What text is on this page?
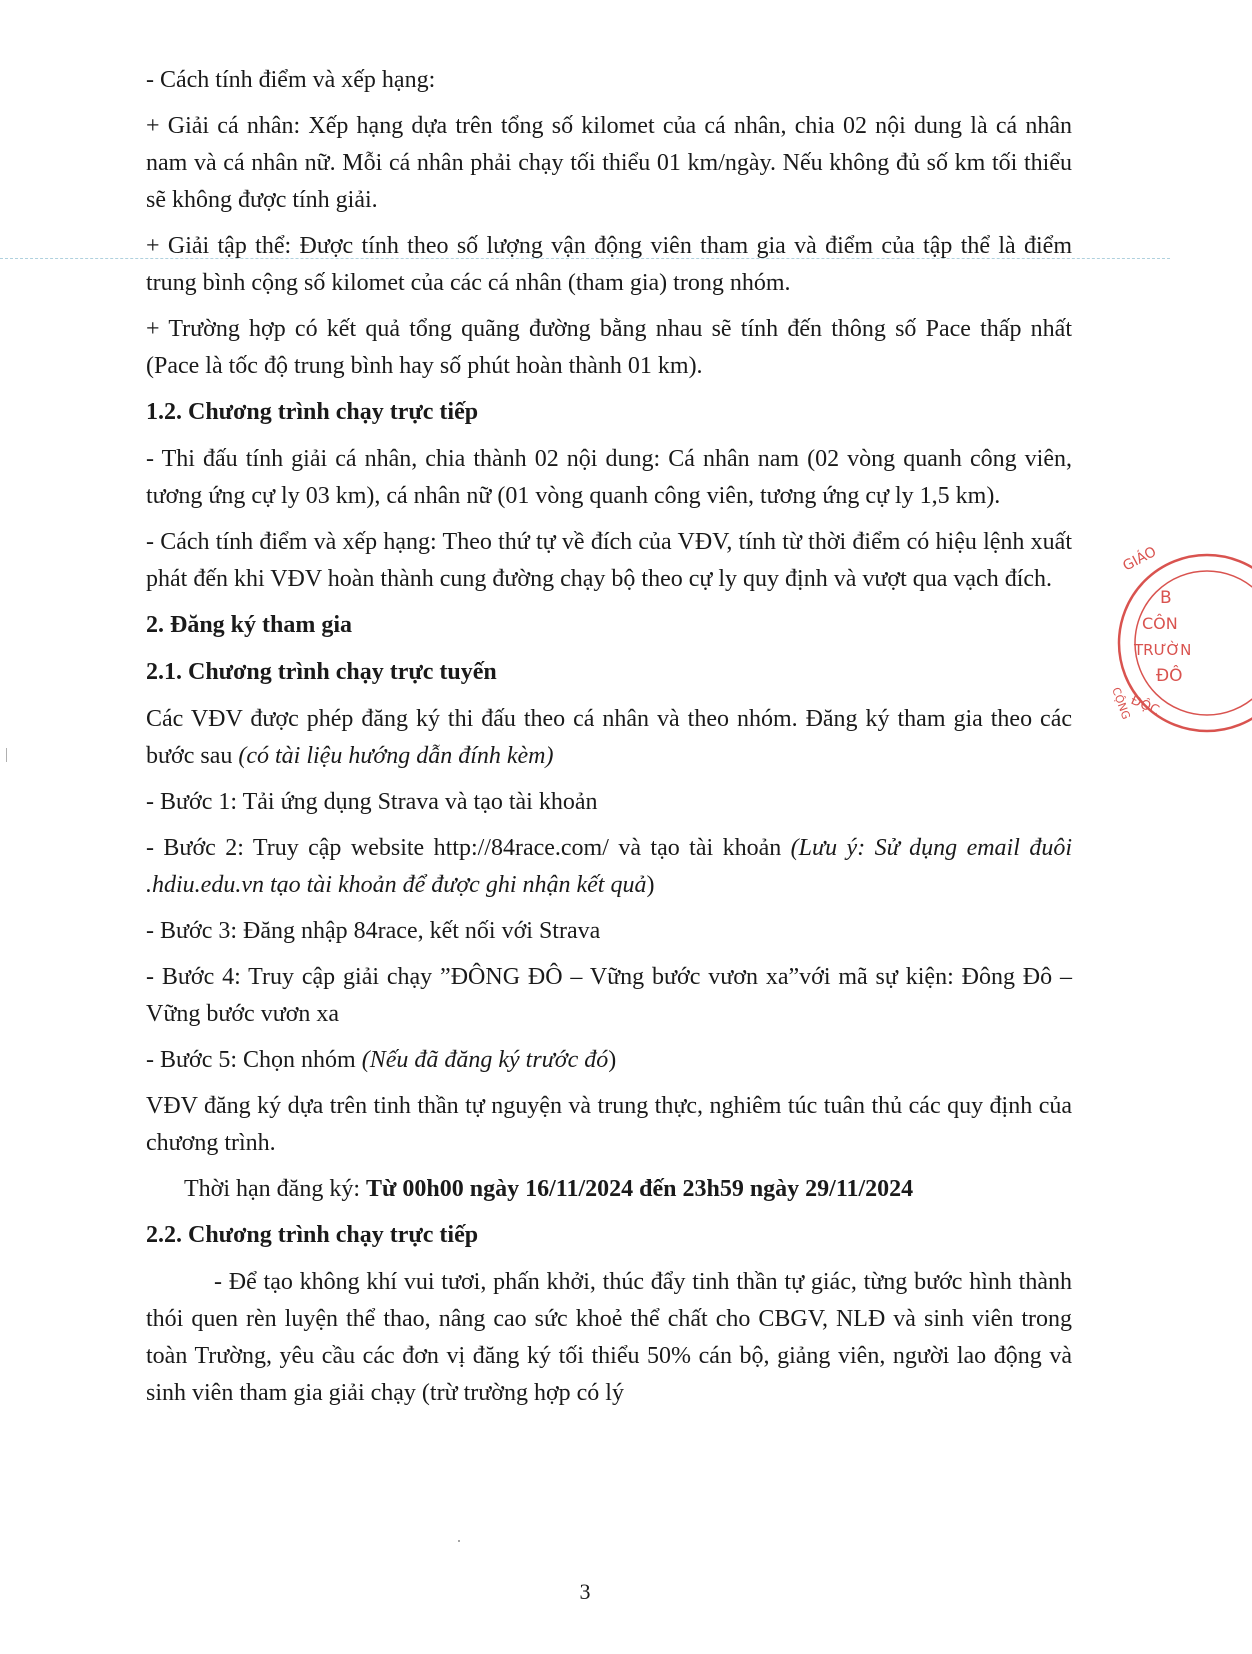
- Cách tính điểm và xếp hạng:

+ Giải cá nhân: Xếp hạng dựa trên tổng số kilomet của cá nhân, chia 02 nội dung là cá nhân nam và cá nhân nữ. Mỗi cá nhân phải chạy tối thiểu 01 km/ngày. Nếu không đủ số km tối thiểu sẽ không được tính giải.

+ Giải tập thể: Được tính theo số lượng vận động viên tham gia và điểm của tập thể là điểm trung bình cộng số kilomet của các cá nhân (tham gia) trong nhóm.

+ Trường hợp có kết quả tổng quãng đường bằng nhau sẽ tính đến thông số Pace thấp nhất (Pace là tốc độ trung bình hay số phút hoàn thành 01 km).

1.2. Chương trình chạy trực tiếp

- Thi đấu tính giải cá nhân, chia thành 02 nội dung: Cá nhân nam (02 vòng quanh công viên, tương ứng cự ly 03 km), cá nhân nữ (01 vòng quanh công viên, tương ứng cự ly 1,5 km).

- Cách tính điểm và xếp hạng: Theo thứ tự về đích của VĐV, tính từ thời điểm có hiệu lệnh xuất phát đến khi VĐV hoàn thành cung đường chạy bộ theo cự ly quy định và vượt qua vạch đích.

2. Đăng ký tham gia

2.1. Chương trình chạy trực tuyến

Các VĐV được phép đăng ký thi đấu theo cá nhân và theo nhóm. Đăng ký tham gia theo các bước sau (có tài liệu hướng dẫn đính kèm)

- Bước 1: Tải ứng dụng Strava và tạo tài khoản

- Bước 2: Truy cập website http://84race.com/ và tạo tài khoản (Lưu ý: Sử dụng email đuôi .hdiu.edu.vn tạo tài khoản để được ghi nhận kết quả)

- Bước 3: Đăng nhập 84race, kết nối với Strava

- Bước 4: Truy cập giải chạy ”ĐÔNG ĐÔ – Vững bước vươn xa”với mã sự kiện: Đông Đô – Vững bước vươn xa

- Bước 5: Chọn nhóm (Nếu đã đăng ký trước đó)

VĐV đăng ký dựa trên tinh thần tự nguyện và trung thực, nghiêm túc tuân thủ các quy định của chương trình.

Thời hạn đăng ký: Từ 00h00 ngày 16/11/2024 đến 23h59 ngày 29/11/2024

2.2. Chương trình chạy trực tiếp

- Để tạo không khí vui tươi, phấn khởi, thúc đẩy tinh thần tự giác, từng bước hình thành thói quen rèn luyện thể thao, nâng cao sức khoẻ thể chất cho CBGV, NLĐ và sinh viên trong toàn Trường, yêu cầu các đơn vị đăng ký tối thiểu 50% cán bộ, giảng viên, người lao động và sinh viên tham gia giải chạy (trừ trường hợp có lý

3
GIÁO
CỘNG
B
CÔN
TRƯỜN
ĐÔ
ĐỘC
